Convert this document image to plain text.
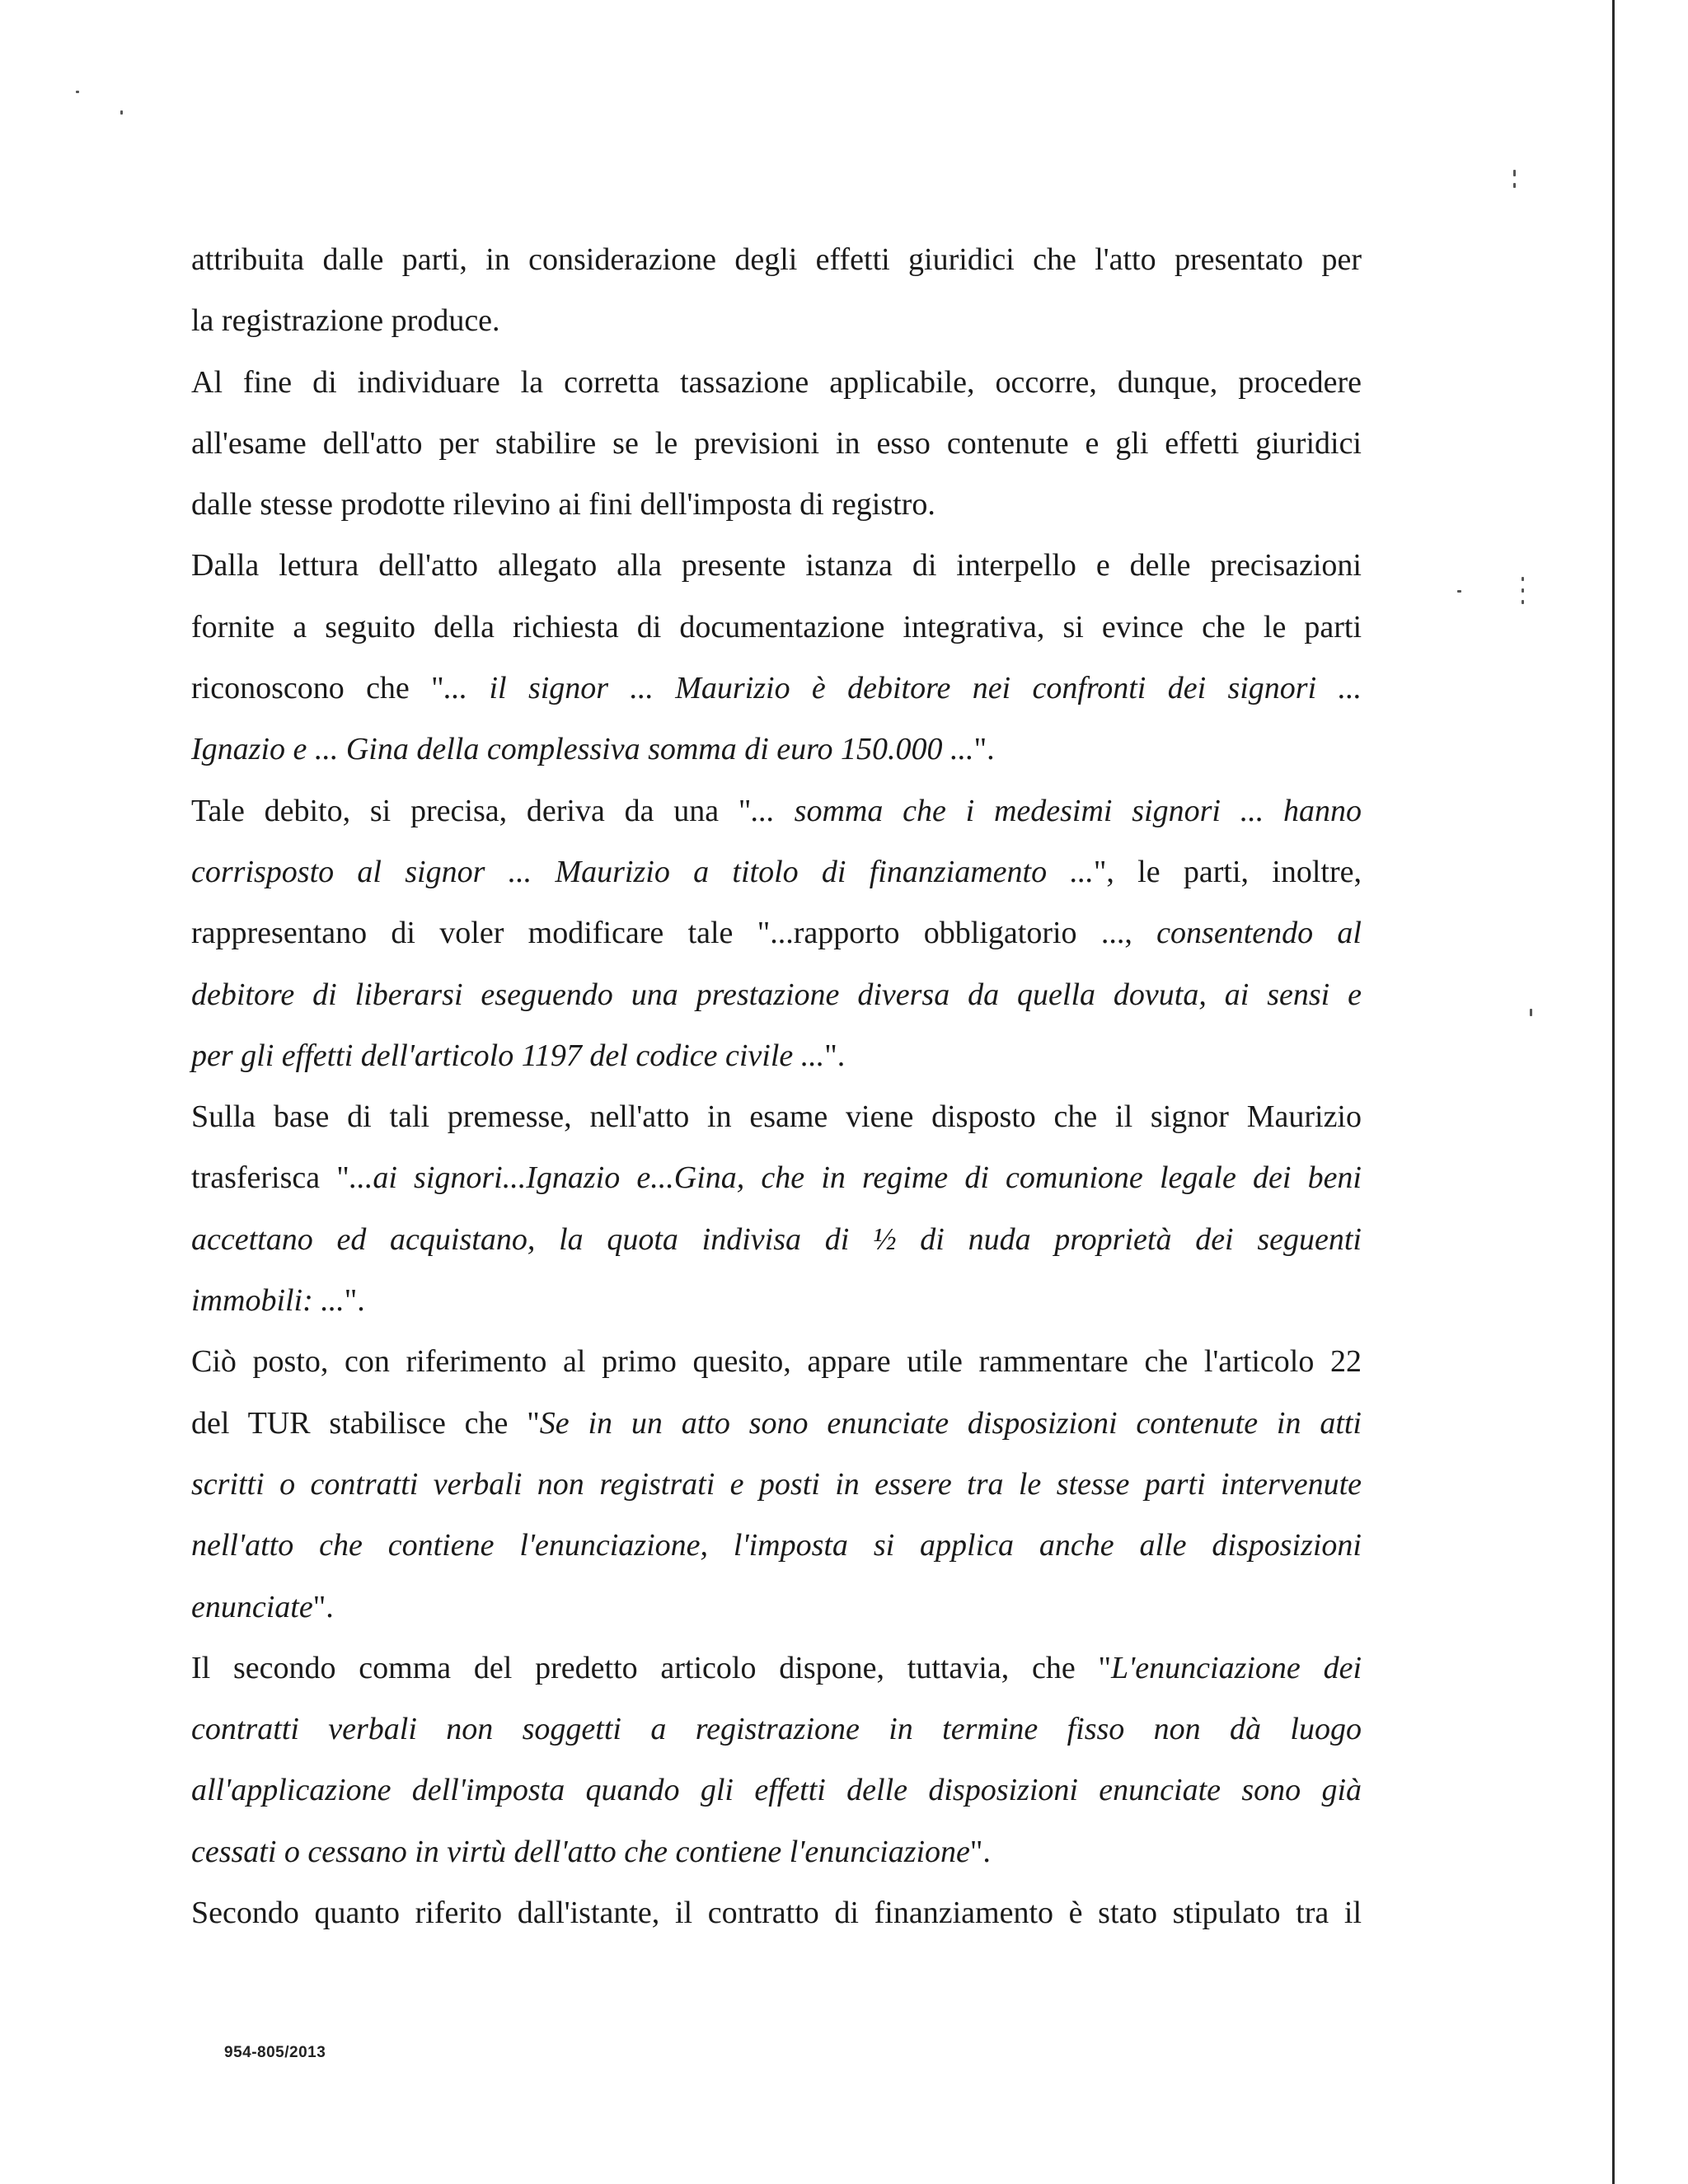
attribuita dalle parti, in considerazione degli effetti giuridici che l'atto presentato per
la registrazione produce.
Al fine di individuare la corretta tassazione applicabile, occorre, dunque, procedere
all'esame dell'atto per stabilire se le previsioni in esso contenute e gli effetti giuridici
dalle stesse prodotte rilevino ai fini dell'imposta di registro.
Dalla lettura dell'atto allegato alla presente istanza di interpello e delle precisazioni
fornite a seguito della richiesta di documentazione integrativa, si evince che le parti
riconoscono che "... il signor ... Maurizio è debitore nei confronti dei signori ...
Ignazio e ... Gina della complessiva somma di euro 150.000 ...".
Tale debito, si precisa, deriva da una "... somma che i medesimi signori ... hanno
corrisposto al signor ... Maurizio a titolo di finanziamento ...", le parti, inoltre,
rappresentano di voler modificare tale "...rapporto obbligatorio ..., consentendo al
debitore di liberarsi eseguendo una prestazione diversa da quella dovuta, ai sensi e
per gli effetti dell'articolo 1197 del codice civile ...".
Sulla base di tali premesse, nell'atto in esame viene disposto che il signor Maurizio
trasferisca "...ai signori...Ignazio e...Gina, che in regime di comunione legale dei beni
accettano ed acquistano, la quota indivisa di ½ di nuda proprietà dei seguenti
immobili: ...".
Ciò posto, con riferimento al primo quesito, appare utile rammentare che l'articolo 22
del TUR stabilisce che "Se in un atto sono enunciate disposizioni contenute in atti
scritti o contratti verbali non registrati e posti in essere tra le stesse parti intervenute
nell'atto che contiene l'enunciazione, l'imposta si applica anche alle disposizioni
enunciate".
Il secondo comma del predetto articolo dispone, tuttavia, che "L'enunciazione dei
contratti verbali non soggetti a registrazione in termine fisso non dà luogo
all'applicazione dell'imposta quando gli effetti delle disposizioni enunciate sono già
cessati o cessano in virtù dell'atto che contiene l'enunciazione".
Secondo quanto riferito dall'istante, il contratto di finanziamento è stato stipulato tra il
954-805/2013
